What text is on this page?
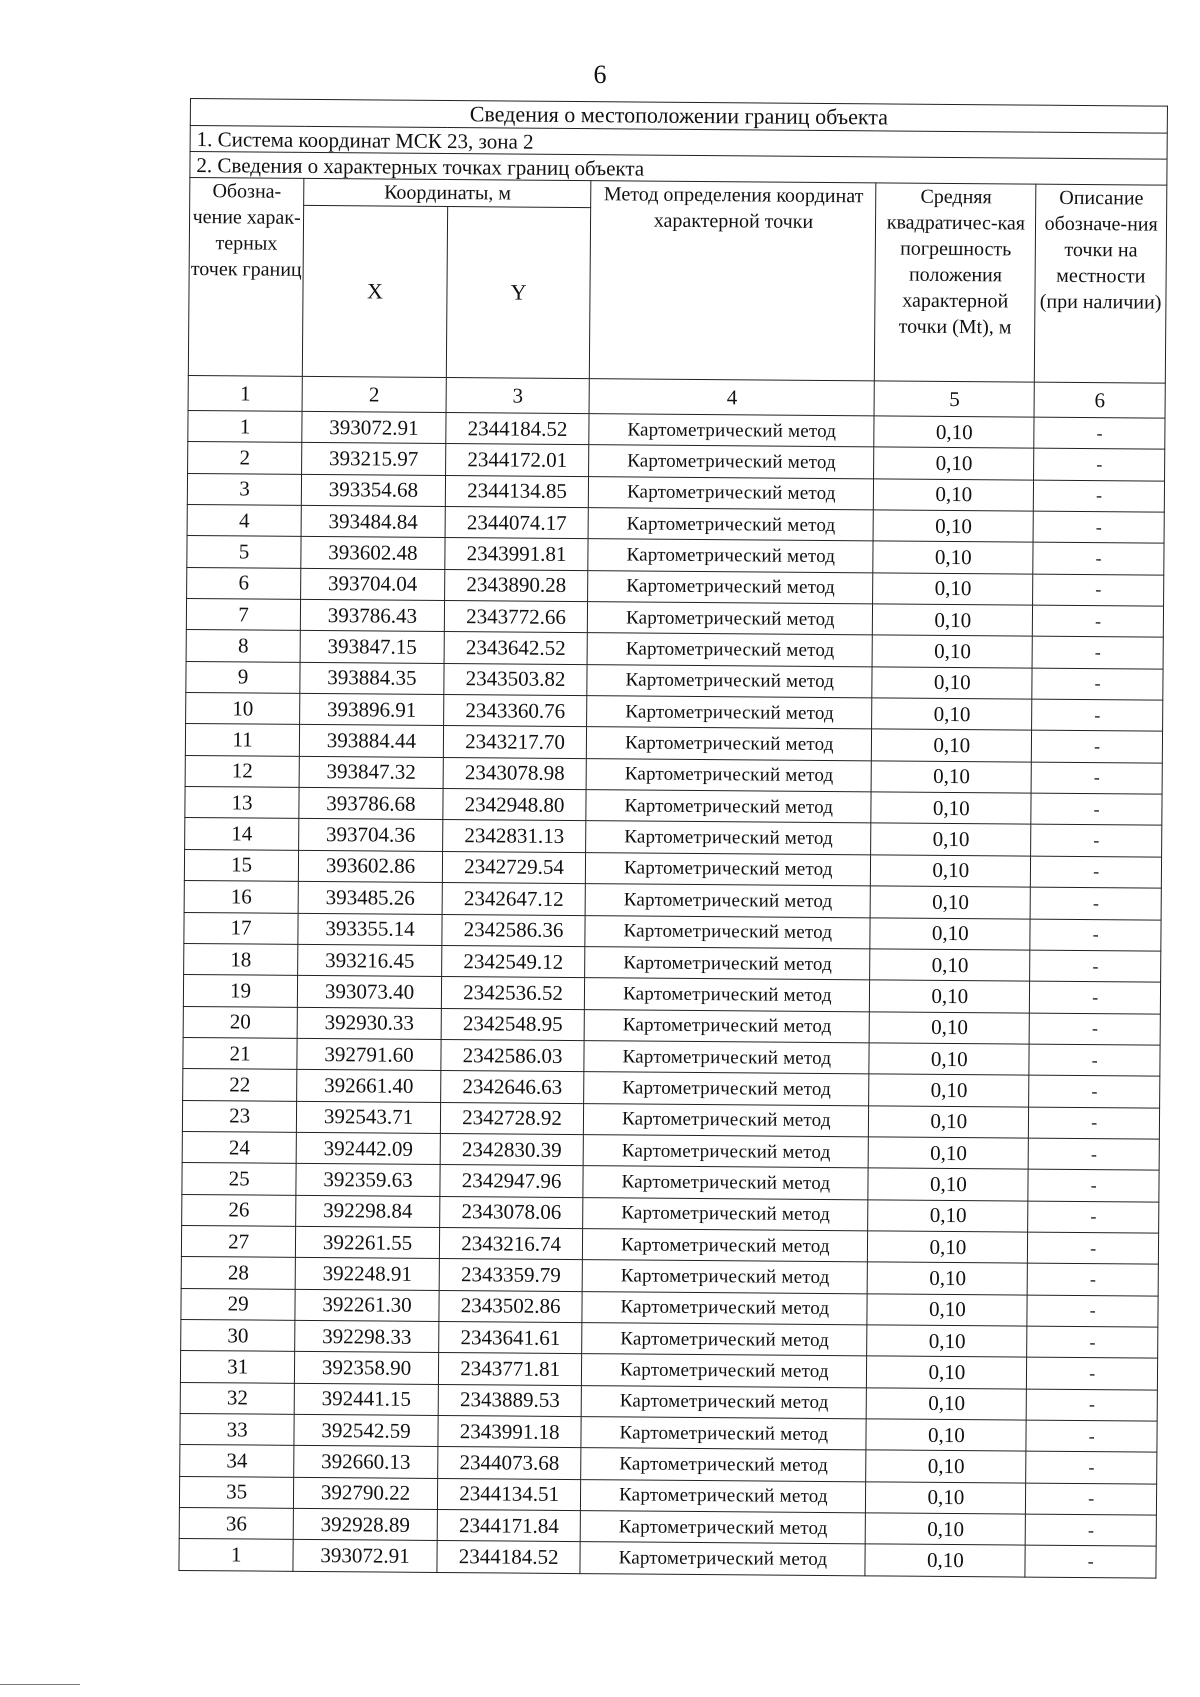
6
Сведения о местоположении границ объекта					
1. Система координат МСК 23, зона 2					
2. Сведения о характерных точках границ объекта					
Обозна-чение харак-терных точек границ	Координаты, м		Метод определения координат характерной точки	Средняя квадратичес-кая погрешность положения характерной точки (Mt), м	Описание обозначе-ния точки на местности (при наличии)
	X	Y			
1	2	3	4	5	6
1	393072.91	2344184.52	Картометрический метод	0,10	-
2	393215.97	2344172.01	Картометрический метод	0,10	-
3	393354.68	2344134.85	Картометрический метод	0,10	-
4	393484.84	2344074.17	Картометрический метод	0,10	-
5	393602.48	2343991.81	Картометрический метод	0,10	-
6	393704.04	2343890.28	Картометрический метод	0,10	-
7	393786.43	2343772.66	Картометрический метод	0,10	-
8	393847.15	2343642.52	Картометрический метод	0,10	-
9	393884.35	2343503.82	Картометрический метод	0,10	-
10	393896.91	2343360.76	Картометрический метод	0,10	-
11	393884.44	2343217.70	Картометрический метод	0,10	-
12	393847.32	2343078.98	Картометрический метод	0,10	-
13	393786.68	2342948.80	Картометрический метод	0,10	-
14	393704.36	2342831.13	Картометрический метод	0,10	-
15	393602.86	2342729.54	Картометрический метод	0,10	-
16	393485.26	2342647.12	Картометрический метод	0,10	-
17	393355.14	2342586.36	Картометрический метод	0,10	-
18	393216.45	2342549.12	Картометрический метод	0,10	-
19	393073.40	2342536.52	Картометрический метод	0,10	-
20	392930.33	2342548.95	Картометрический метод	0,10	-
21	392791.60	2342586.03	Картометрический метод	0,10	-
22	392661.40	2342646.63	Картометрический метод	0,10	-
23	392543.71	2342728.92	Картометрический метод	0,10	-
24	392442.09	2342830.39	Картометрический метод	0,10	-
25	392359.63	2342947.96	Картометрический метод	0,10	-
26	392298.84	2343078.06	Картометрический метод	0,10	-
27	392261.55	2343216.74	Картометрический метод	0,10	-
28	392248.91	2343359.79	Картометрический метод	0,10	-
29	392261.30	2343502.86	Картометрический метод	0,10	-
30	392298.33	2343641.61	Картометрический метод	0,10	-
31	392358.90	2343771.81	Картометрический метод	0,10	-
32	392441.15	2343889.53	Картометрический метод	0,10	-
33	392542.59	2343991.18	Картометрический метод	0,10	-
34	392660.13	2344073.68	Картометрический метод	0,10	-
35	392790.22	2344134.51	Картометрический метод	0,10	-
36	392928.89	2344171.84	Картометрический метод	0,10	-
1	393072.91	2344184.52	Картометрический метод	0,10	-
